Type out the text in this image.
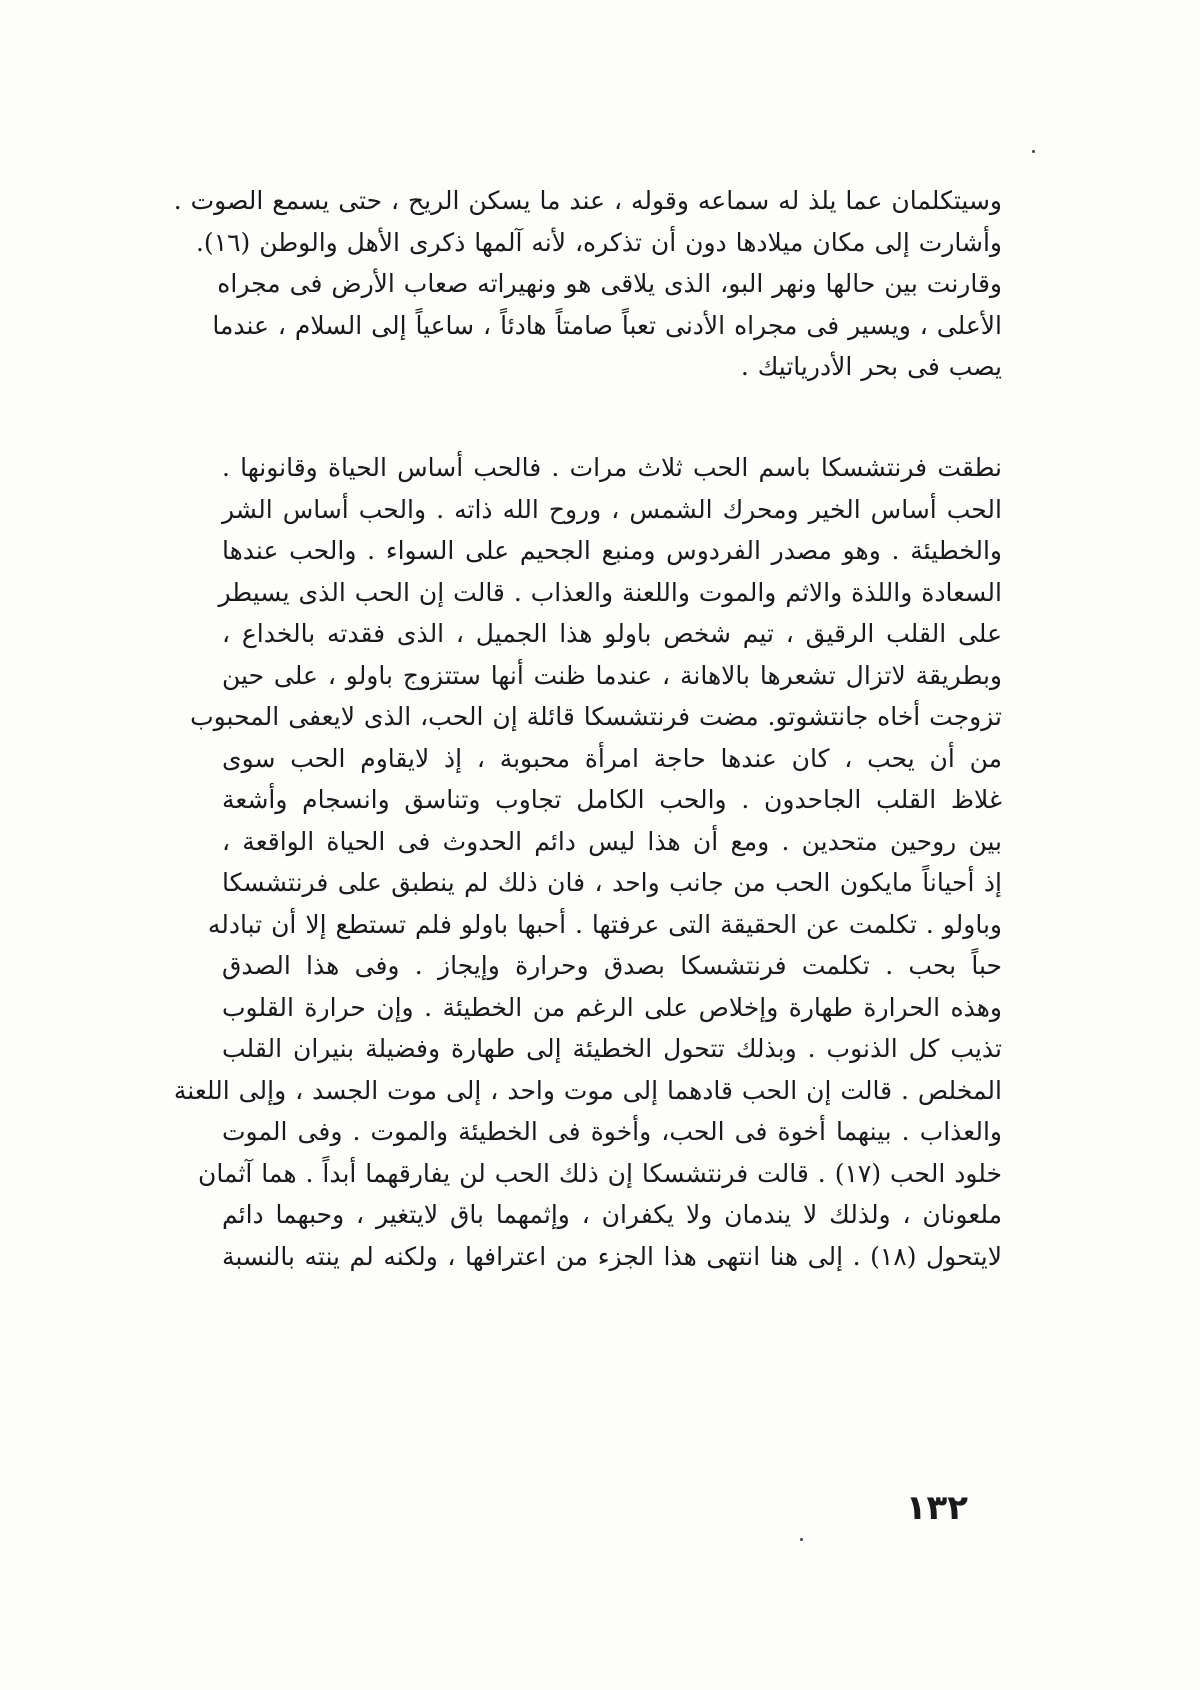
وسيتكلمان عما يلذ له سماعه وقوله ، عند ما يسكن الريح ، حتى يسمع الصوت .
وأشارت إلى مكان ميلادها دون أن تذكره، لأنه آلمها ذكرى الأهل والوطن (١٦).
وقارنت بين حالها ونهر البو، الذى يلاقى هو ونهيراته صعاب الأرض فى مجراه
الأعلى ، ويسير فى مجراه الأدنى تعباً صامتاً هادئاً ، ساعياً إلى السلام ، عندما
يصب فى بحر الأدرياتيك .
نطقت فرنتشسكا باسم الحب ثلاث مرات . فالحب أساس الحياة وقانونها .
الحب أساس الخير ومحرك الشمس ، وروح الله ذاته . والحب أساس الشر
والخطيئة . وهو مصدر الفردوس ومنبع الجحيم على السواء . والحب عندها
السعادة واللذة والاثم والموت واللعنة والعذاب . قالت إن الحب الذى يسيطر
على القلب الرقيق ، تيم شخص باولو هذا الجميل ، الذى فقدته بالخداع ،
وبطريقة لاتزال تشعرها بالاهانة ، عندما ظنت أنها ستتزوج باولو ، على حين
تزوجت أخاه جانتشوتو. مضت فرنتشسكا قائلة إن الحب، الذى لايعفى المحبوب
من أن يحب ، كان عندها حاجة امرأة محبوبة ، إذ لايقاوم الحب سوى
غلاظ القلب الجاحدون . والحب الكامل تجاوب وتناسق وانسجام وأشعة
بين روحين متحدين . ومع أن هذا ليس دائم الحدوث فى الحياة الواقعة ،
إذ أحياناً مايكون الحب من جانب واحد ، فان ذلك لم ينطبق على فرنتشسكا
وباولو . تكلمت عن الحقيقة التى عرفتها . أحبها باولو فلم تستطع إلا أن تبادله
حباً بحب . تكلمت فرنتشسكا بصدق وحرارة وإيجاز . وفى هذا الصدق
وهذه الحرارة طهارة وإخلاص على الرغم من الخطيئة . وإن حرارة القلوب
تذيب كل الذنوب . وبذلك تتحول الخطيئة إلى طهارة وفضيلة بنيران القلب
المخلص . قالت إن الحب قادهما إلى موت واحد ، إلى موت الجسد ، وإلى اللعنة
والعذاب . بينهما أخوة فى الحب، وأخوة فى الخطيئة والموت . وفى الموت
خلود الحب (١٧) . قالت فرنتشسكا إن ذلك الحب لن يفارقهما أبداً . هما آثمان
ملعونان ، ولذلك لا يندمان ولا يكفران ، وإثمهما باق لايتغير ، وحبهما دائم
لايتحول (١٨) . إلى هنا انتهى هذا الجزء من اعترافها ، ولكنه لم ينته بالنسبة
١٣٢
